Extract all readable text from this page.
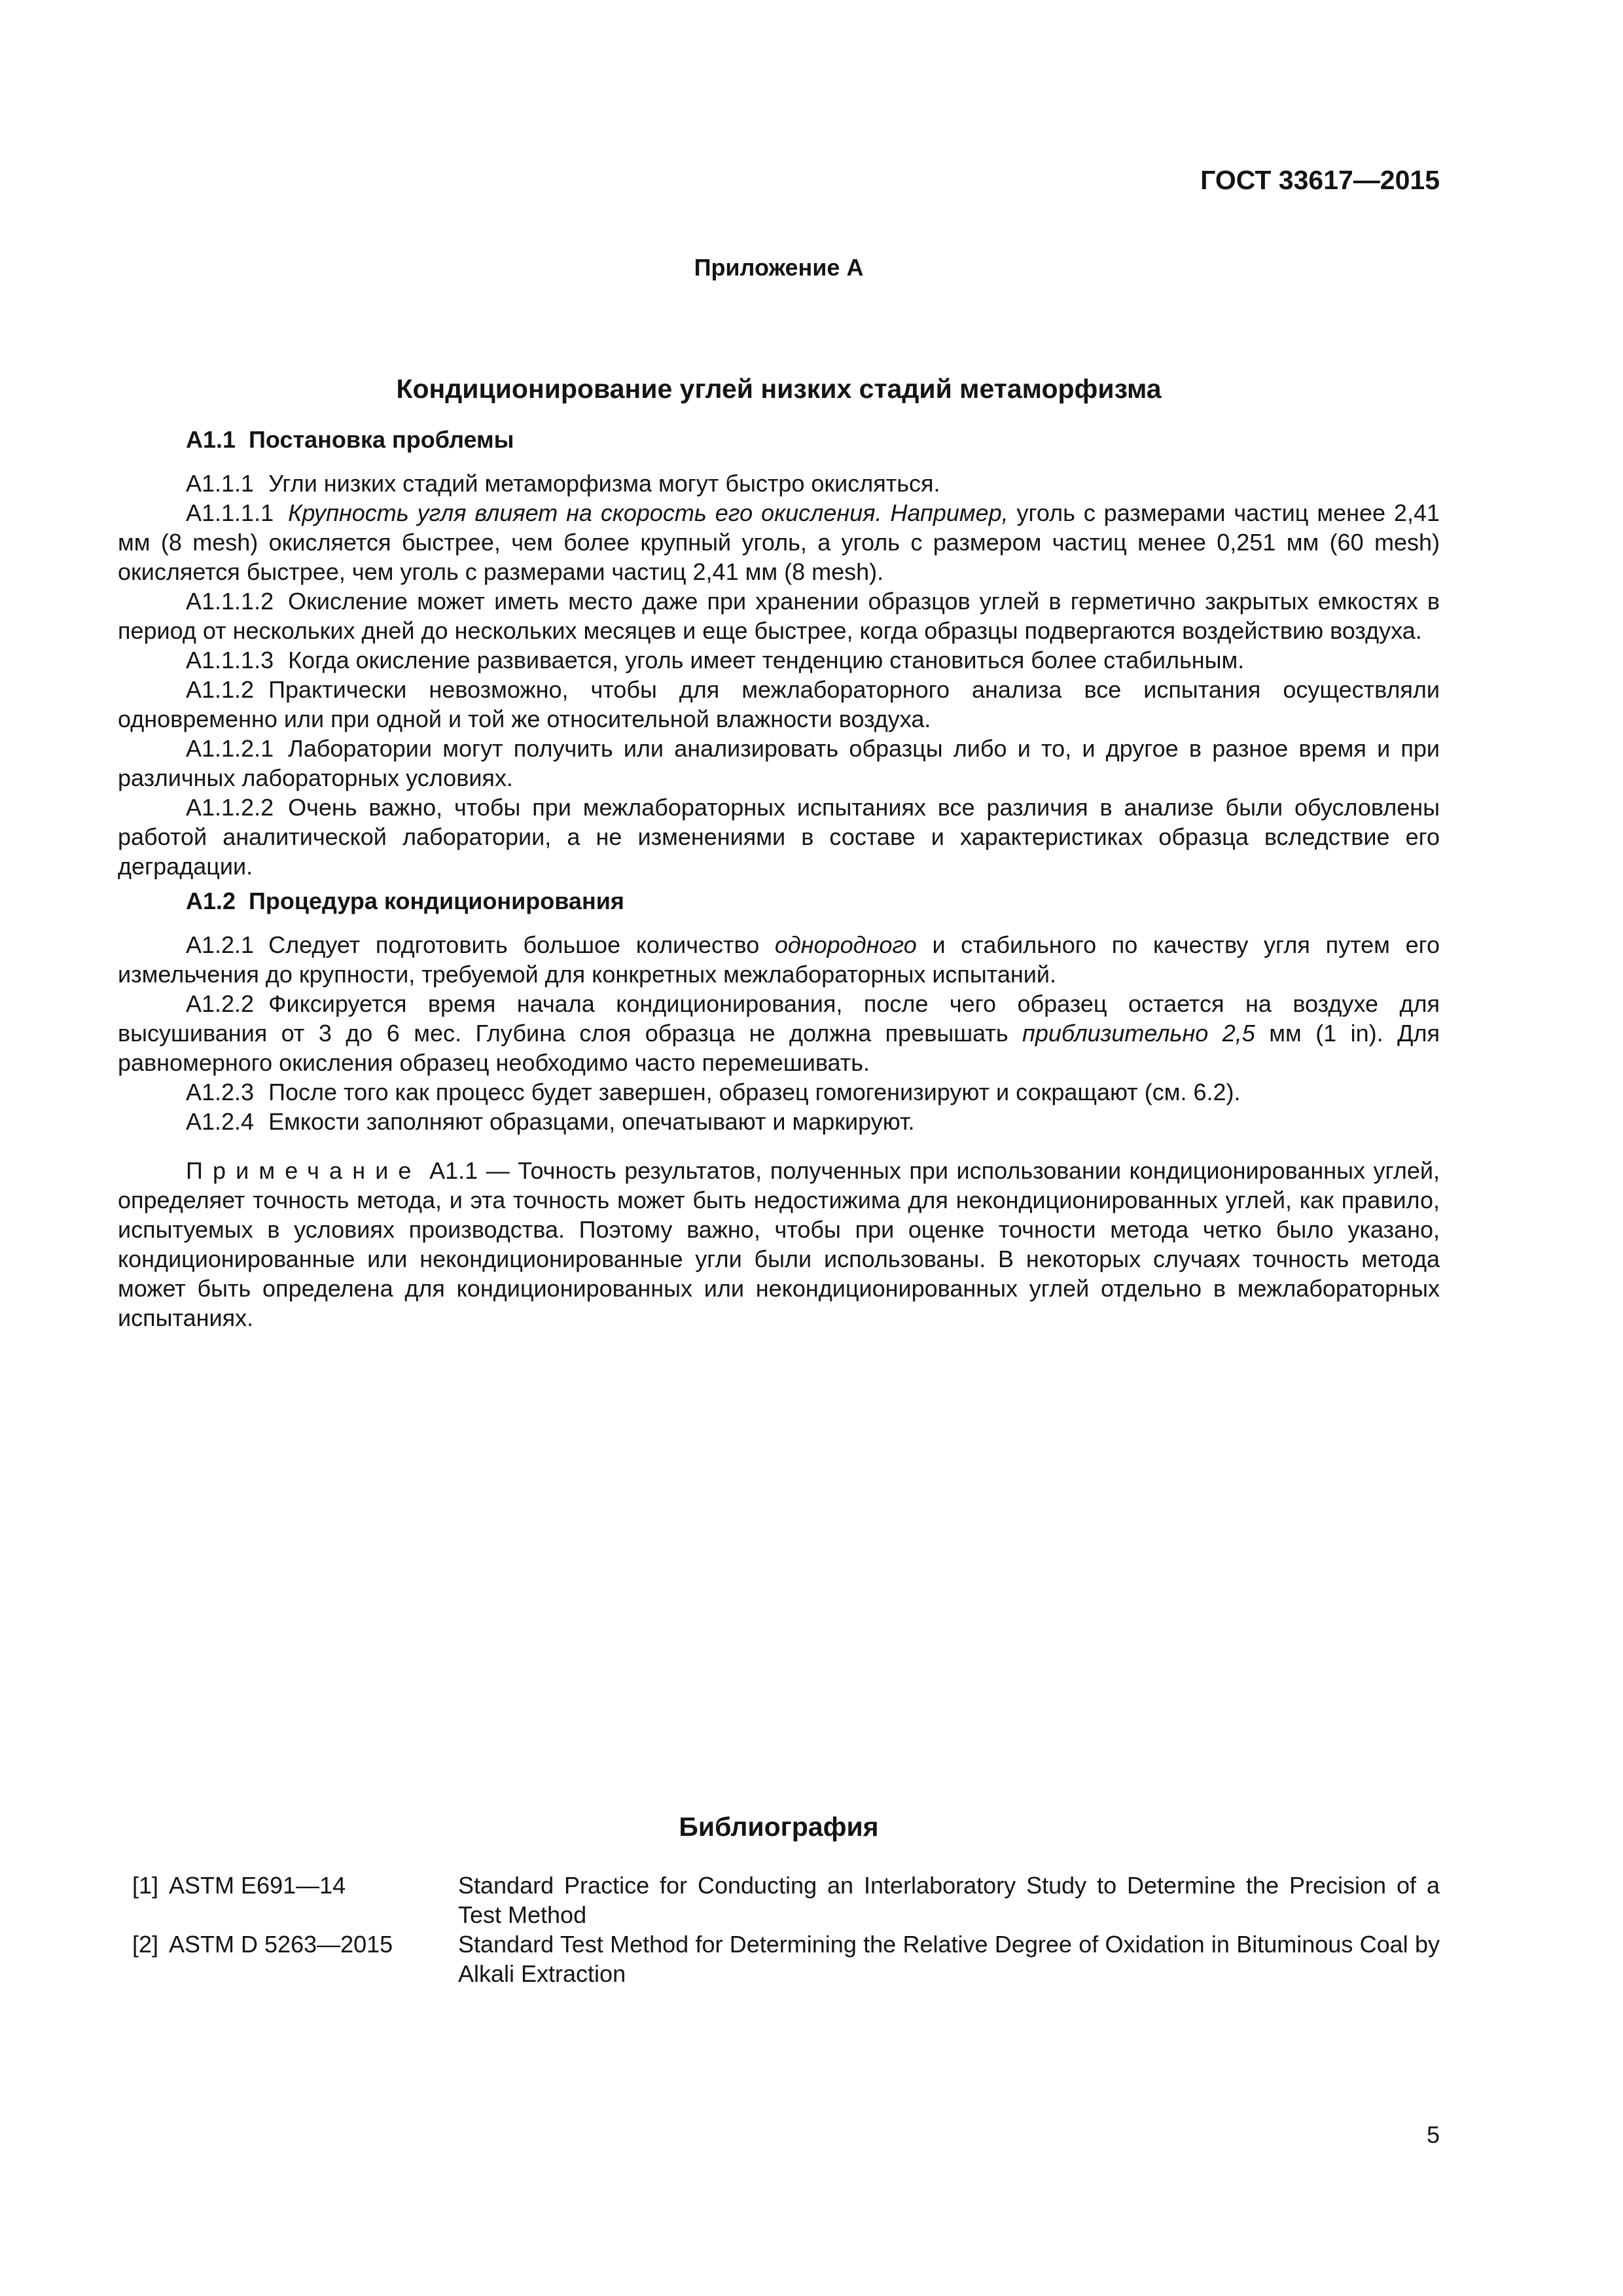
ГОСТ 33617—2015
Приложение А
Кондиционирование углей низких стадий метаморфизма
А1.1 Постановка проблемы

А1.1.1 Угли низких стадий метаморфизма могут быстро окисляться.

А1.1.1.1 Крупность угля влияет на скорость его окисления. Например, уголь с размерами частиц менее 2,41 мм (8 mesh) окисляется быстрее, чем более крупный уголь, а уголь с размером частиц менее 0,251 мм (60 mesh) окисляется быстрее, чем уголь с размерами частиц 2,41 мм (8 mesh).

А1.1.1.2 Окисление может иметь место даже при хранении образцов углей в герметично закрытых емкостях в период от нескольких дней до нескольких месяцев и еще быстрее, когда образцы подвергаются воздействию воздуха.

А1.1.1.3 Когда окисление развивается, уголь имеет тенденцию становиться более стабильным.

А1.1.2 Практически невозможно, чтобы для межлабораторного анализа все испытания осуществляли одновременно или при одной и той же относительной влажности воздуха.

А1.1.2.1 Лаборатории могут получить или анализировать образцы либо и то, и другое в разное время и при различных лабораторных условиях.

А1.1.2.2 Очень важно, чтобы при межлабораторных испытаниях все различия в анализе были обусловлены работой аналитической лаборатории, а не изменениями в составе и характеристиках образца вследствие его деградации.

А1.2 Процедура кондиционирования

А1.2.1 Следует подготовить большое количество однородного и стабильного по качеству угля путем его измельчения до крупности, требуемой для конкретных межлабораторных испытаний.

А1.2.2 Фиксируется время начала кондиционирования, после чего образец остается на воздухе для высушивания от 3 до 6 мес. Глубина слоя образца не должна превышать приблизительно 2,5 мм (1 in). Для равномерного окисления образец необходимо часто перемешивать.

А1.2.3 После того как процесс будет завершен, образец гомогенизируют и сокращают (см. 6.2).

А1.2.4 Емкости заполняют образцами, опечатывают и маркируют.

Примечание А1.1 — Точность результатов, полученных при использовании кондиционированных углей, определяет точность метода, и эта точность может быть недостижима для некондиционированных углей, как правило, испытуемых в условиях производства. Поэтому важно, чтобы при оценке точности метода четко было указано, кондиционированные или некондиционированные угли были использованы. В некоторых случаях точность метода может быть определена для кондиционированных или некондиционированных углей отдельно в межлабораторных испытаниях.
Библиография
[1] ASTM E691—14	Standard Practice for Conducting an Interlaboratory Study to Determine the Precision of a Test Method
[2] ASTM D 5263—2015	Standard Test Method for Determining the Relative Degree of Oxidation in Bituminous Coal by Alkali Extraction
5
